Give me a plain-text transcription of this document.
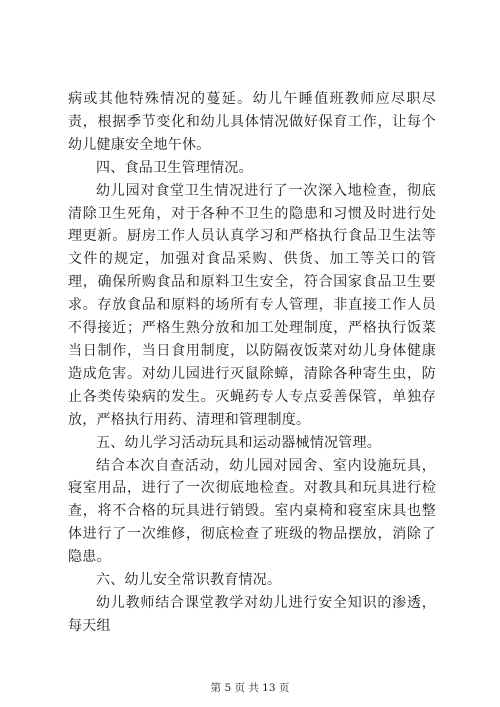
病或其他特殊情况的蔓延。幼儿午睡值班教师应尽职尽责，根据季节变化和幼儿具体情况做好保育工作，让每个幼儿健康安全地午休。

四、食品卫生管理情况。

幼儿园对食堂卫生情况进行了一次深入地检查，彻底清除卫生死角，对于各种不卫生的隐患和习惯及时进行处理更新。厨房工作人员认真学习和严格执行食品卫生法等文件的规定，加强对食品采购、供货、加工等关口的管理，确保所购食品和原料卫生安全，符合国家食品卫生要求。存放食品和原料的场所有专人管理，非直接工作人员不得接近；严格生熟分放和加工处理制度，严格执行饭菜当日制作，当日食用制度，以防隔夜饭菜对幼儿身体健康造成危害。对幼儿园进行灭鼠除蟑，清除各种寄生虫，防止各类传染病的发生。灭蝇药专人专点妥善保管，单独存放，严格执行用药、清理和管理制度。

五、幼儿学习活动玩具和运动器械情况管理。

结合本次自查活动，幼儿园对园舍、室内设施玩具，寝室用品，进行了一次彻底地检查。对教具和玩具进行检查，将不合格的玩具进行销毁。室内桌椅和寝室床具也整体进行了一次维修，彻底检查了班级的物品摆放，消除了隐患。

六、幼儿安全常识教育情况。

幼儿教师结合课堂教学对幼儿进行安全知识的渗透，每天组

第 5 页 共 13 页
